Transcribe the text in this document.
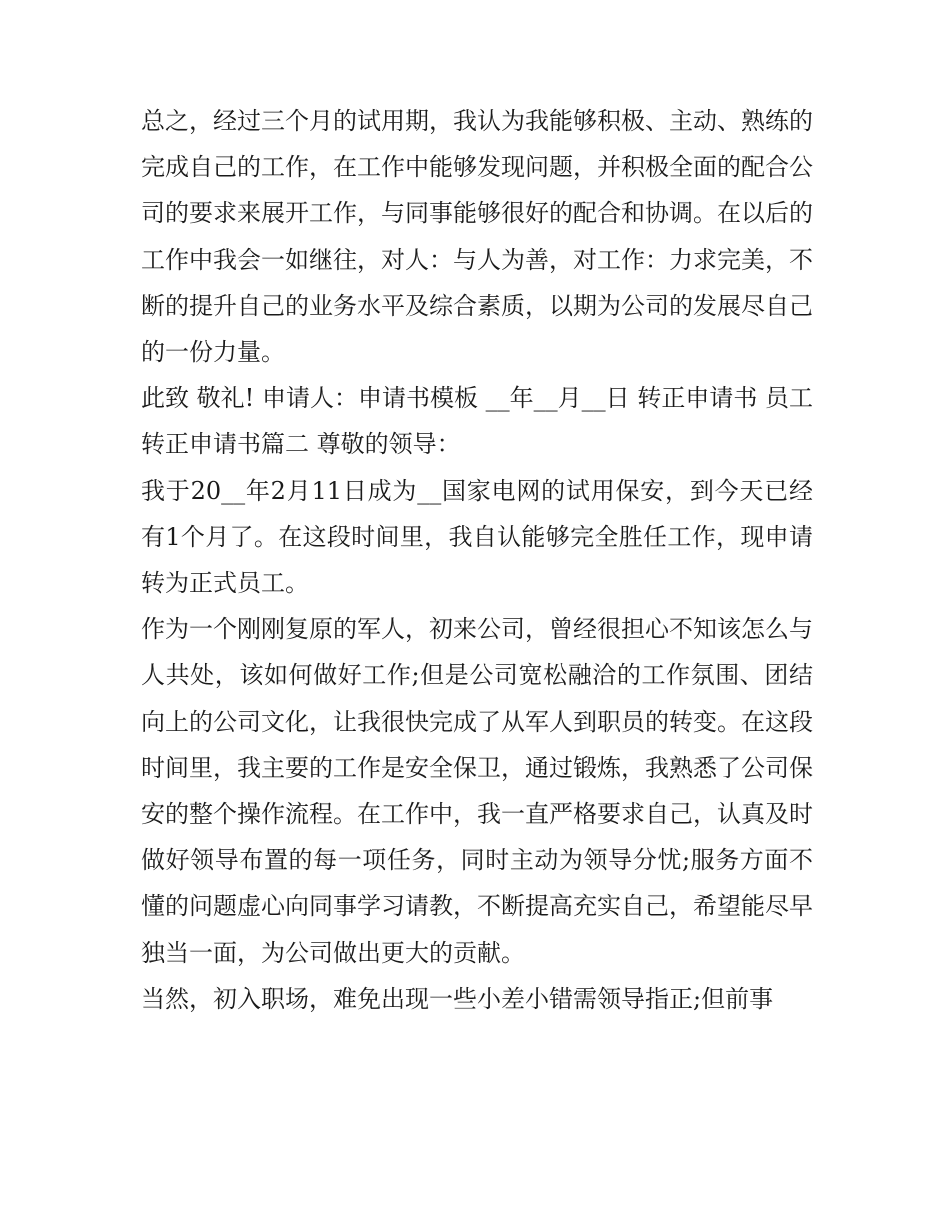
总之，经过三个月的试用期，我认为我能够积极、主动、熟练的完成自己的工作，在工作中能够发现问题，并积极全面的配合公司的要求来展开工作，与同事能够很好的配合和协调。在以后的工作中我会一如继往，对人：与人为善，对工作：力求完美，不断的提升自己的业务水平及综合素质，以期为公司的发展尽自己的一份力量。

此致 敬礼! 申请人：申请书模板 __年__月__日 转正申请书 员工转正申请书篇二 尊敬的领导：

我于20__年2月11日成为__国家电网的试用保安，到今天已经有1个月了。在这段时间里，我自认能够完全胜任工作，现申请转为正式员工。

作为一个刚刚复原的军人，初来公司，曾经很担心不知该怎么与人共处，该如何做好工作;但是公司宽松融洽的工作氛围、团结向上的公司文化，让我很快完成了从军人到职员的转变。在这段时间里，我主要的工作是安全保卫，通过锻炼，我熟悉了公司保安的整个操作流程。在工作中，我一直严格要求自己，认真及时做好领导布置的每一项任务，同时主动为领导分忧;服务方面不懂的问题虚心向同事学习请教，不断提高充实自己，希望能尽早独当一面，为公司做出更大的贡献。

当然，初入职场，难免出现一些小差小错需领导指正;但前事
